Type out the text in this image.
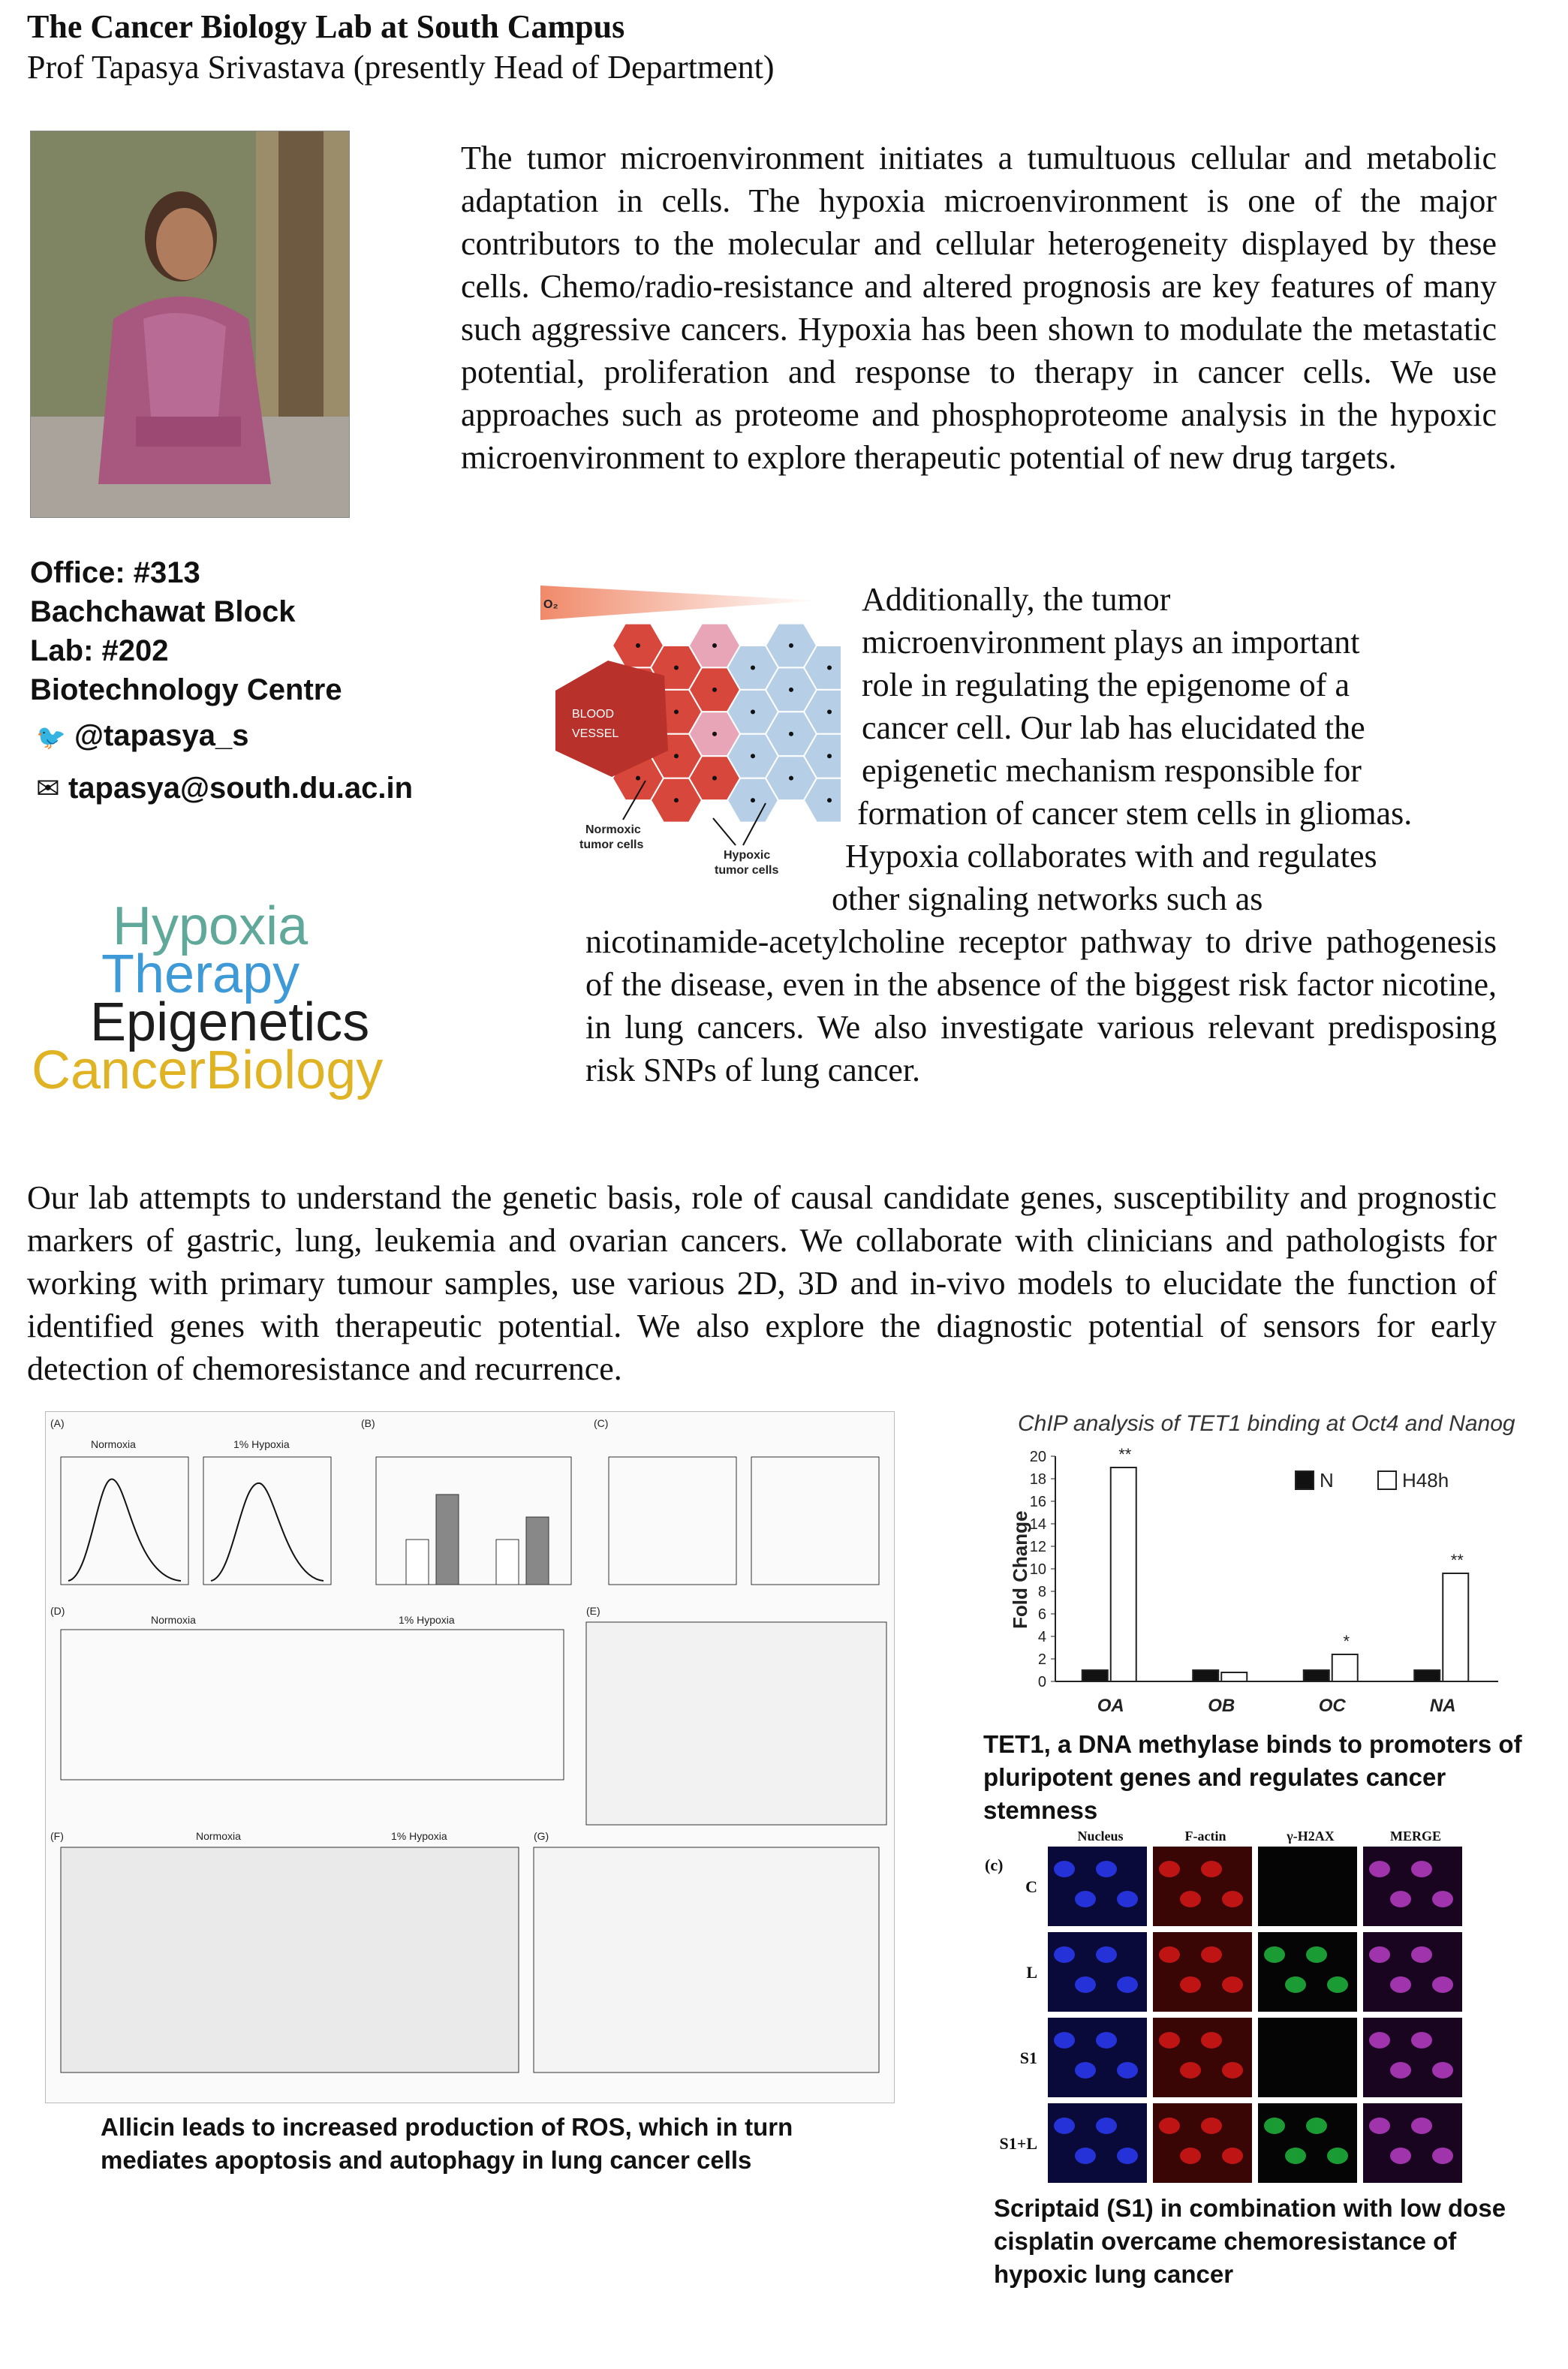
The Cancer Biology Lab at South Campus
Prof Tapasya Srivastava (presently Head of Department)
The tumor microenvironment initiates a tumultuous cellular and metabolic adaptation in cells. The hypoxia microenvironment is one of the major contributors to the molecular and cellular heterogeneity displayed by these cells. Chemo/radio-resistance and altered prognosis are key features of many such aggressive cancers. Hypoxia has been shown to modulate the metastatic potential, proliferation and response to therapy in cancer cells. We use approaches such as proteome and phosphoproteome analysis in the hypoxic microenvironment to explore therapeutic potential of new drug targets.
Office: #313
Bachchawat Block
Lab: #202
Biotechnology Centre
🐦 @tapasya_s
✉ tapasya@south.du.ac.in
Hypoxia
Therapy
Epigenetics
CancerBiology
O₂
BLOOD
VESSEL
Normoxic
tumor cells
Hypoxic
tumor cells
Additionally, the tumor
microenvironment plays an important
role in regulating the epigenome of a
cancer cell. Our lab has elucidated the
epigenetic mechanism responsible for
formation of cancer stem cells in gliomas.
Hypoxia collaborates with and regulates
other signaling networks such as
nicotinamide-acetylcholine receptor pathway to drive pathogenesis of the disease, even in the absence of the biggest risk factor nicotine, in lung cancers. We also investigate various relevant predisposing risk SNPs of lung cancer.
Our lab attempts to understand the genetic basis, role of causal candidate genes, susceptibility and prognostic markers of gastric, lung, leukemia and ovarian cancers. We collaborate with clinicians and pathologists for working with primary tumour samples, use various 2D, 3D and in-vivo models to elucidate the function of identified genes with therapeutic potential. We also explore the diagnostic potential of sensors for early detection of chemoresistance and recurrence.
(A)	(B)	(C)
(D)	(E)
(F)	(G)
Normoxia	1% Hypoxia
Normoxia	1% Hypoxia
Normoxia	1% Hypoxia
Allicin leads to increased production of ROS, which in turn mediates apoptosis and autophagy in lung cancer cells
ChIP analysis of TET1 binding at Oct4 and Nanog
Fold Change
0
2
4
6
8
10
12
14
16
18
20
OA
**
OB	OC
*
NA
**
N	H48h
TET1, a DNA methylase binds to promoters of pluripotent genes and regulates cancer stemness
(c)
Nucleus	F-actin	γ-H2AX	MERGE
C
L
S1
S1+L
Scriptaid (S1) in combination with low dose cisplatin overcame chemoresistance of hypoxic lung cancer
